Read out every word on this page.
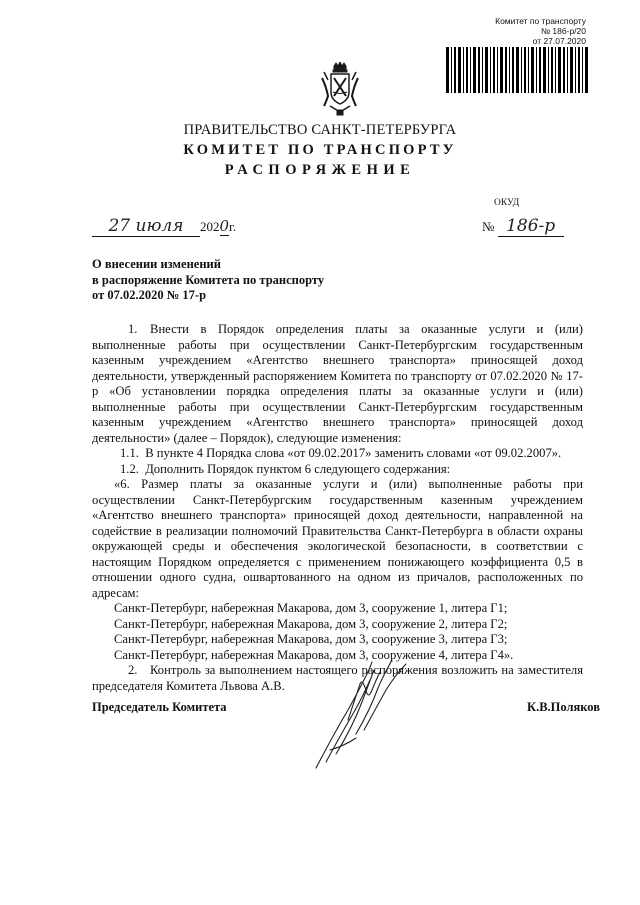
Комитет по транспорту
№ 186-р/20
от 27.07.2020
ПРАВИТЕЛЬСТВО САНКТ-ПЕТЕРБУРГА
КОМИТЕТ ПО ТРАНСПОРТУ
РАСПОРЯЖЕНИЕ
ОКУД
27 июля 2020г.	№ 186-р
О внесении изменений
в распоряжение Комитета по транспорту
от 07.02.2020 № 17-р

1. Внести в Порядок определения платы за оказанные услуги и (или) выполненные работы при осуществлении Санкт-Петербургским государственным казенным учреждением «Агентство внешнего транспорта» приносящей доход деятельности, утвержденный распоряжением Комитета по транспорту от 07.02.2020 № 17-р «Об установлении порядка определения платы за оказанные услуги и (или) выполненные работы при осуществлении Санкт-Петербургским государственным казенным учреждением «Агентство внешнего транспорта» приносящей доход деятельности» (далее – Порядок), следующие изменения:

1.1. В пункте 4 Порядка слова «от 09.02.2017» заменить словами «от 09.02.2007».

1.2. Дополнить Порядок пунктом 6 следующего содержания:

«6. Размер платы за оказанные услуги и (или) выполненные работы при осуществлении Санкт-Петербургским государственным казенным учреждением «Агентство внешнего транспорта» приносящей доход деятельности, направленной на содействие в реализации полномочий Правительства Санкт-Петербурга в области охраны окружающей среды и обеспечения экологической безопасности, в соответствии с настоящим Порядком определяется с применением понижающего коэффициента 0,5 в отношении одного судна, ошвартованного на одном из причалов, расположенных по адресам:

Санкт-Петербург, набережная Макарова, дом 3, сооружение 1, литера Г1;

Санкт-Петербург, набережная Макарова, дом 3, сооружение 2, литера Г2;

Санкт-Петербург, набережная Макарова, дом 3, сооружение 3, литера Г3;

Санкт-Петербург, набережная Макарова, дом 3, сооружение 4, литера Г4».

2. Контроль за выполнением настоящего распоряжения возложить на заместителя председателя Комитета Львова А.В.

Председатель Комитета	К.В.Поляков
